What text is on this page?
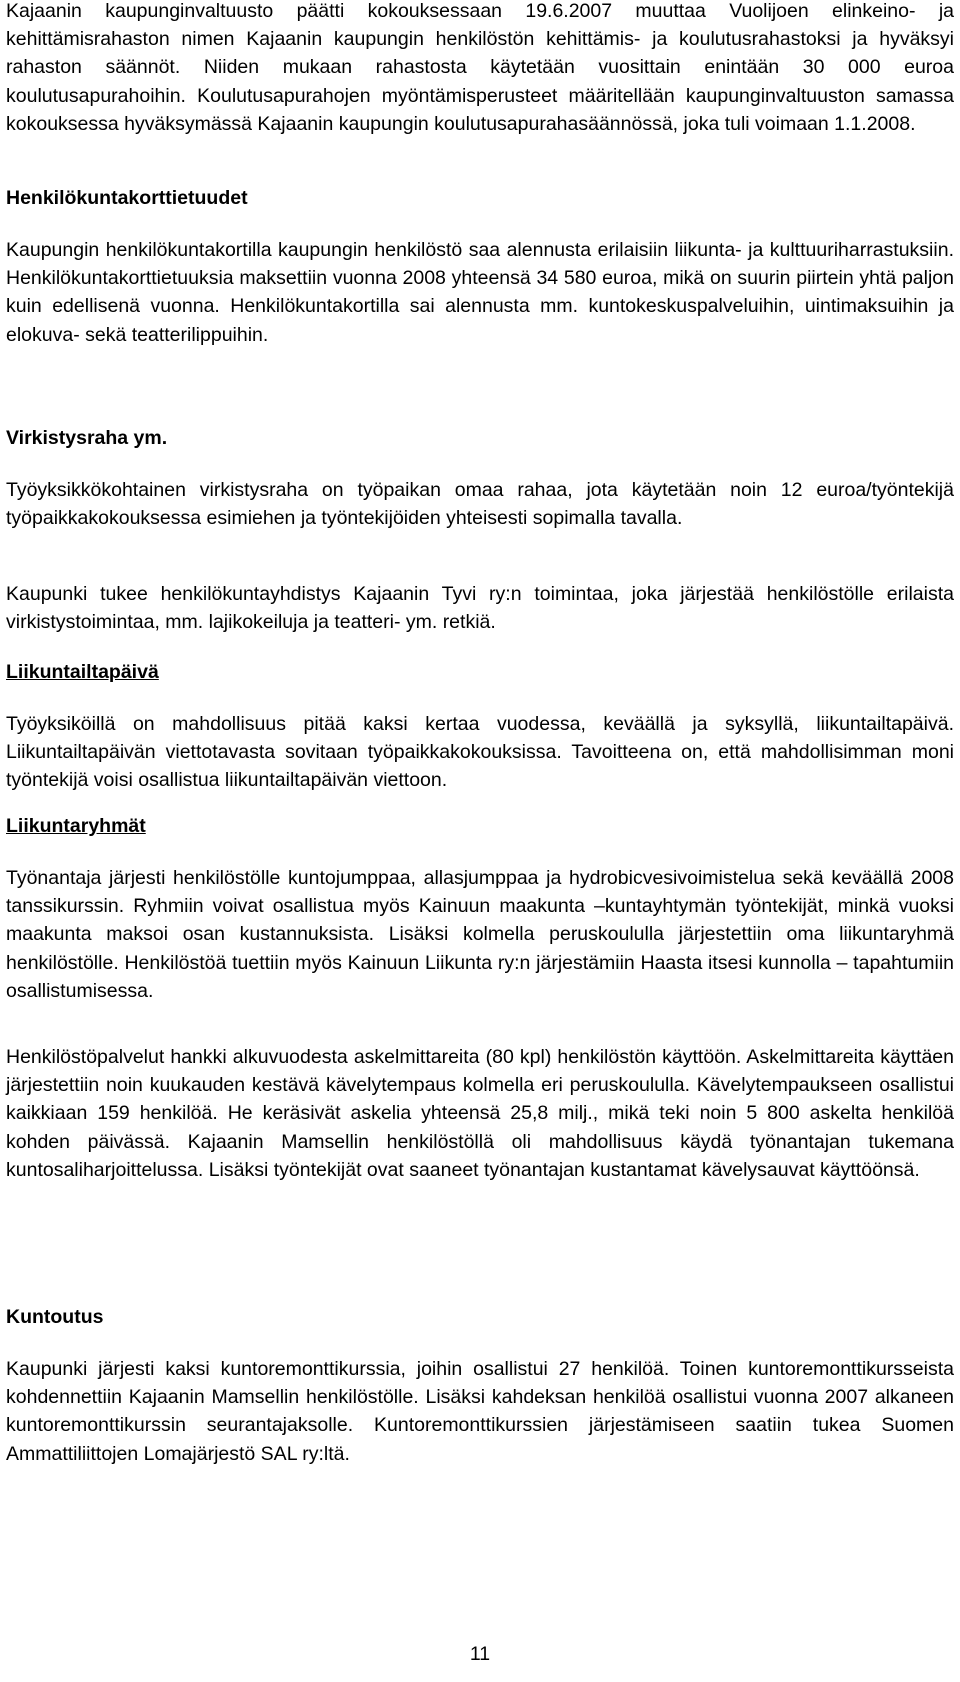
Kajaanin kaupunginvaltuusto päätti kokouksessaan 19.6.2007 muuttaa Vuolijoen elinkeino- ja kehittämisrahaston nimen Kajaanin kaupungin henkilöstön kehittämis- ja koulutusrahastoksi ja hyväksyi rahaston säännöt. Niiden mukaan rahastosta käytetään vuosittain enintään 30 000 euroa koulutusapurahoihin. Koulutusapurahojen myöntämisperusteet määritellään kaupunginvaltuuston samassa kokouksessa hyväksymässä Kajaanin kaupungin koulutusapurahasäännössä, joka tuli voimaan 1.1.2008.

Henkilökuntakorttietuudet

Kaupungin henkilökuntakortilla kaupungin henkilöstö saa alennusta erilaisiin liikunta- ja kulttuuriharrastuksiin. Henkilökuntakorttietuuksia maksettiin vuonna 2008 yhteensä 34 580 euroa, mikä on suurin piirtein yhtä paljon kuin edellisenä vuonna. Henkilökuntakortilla sai alennusta mm. kuntokeskuspalveluihin, uintimaksuihin ja elokuva- sekä teatterilippuihin.

Virkistysraha ym.

Työyksikkökohtainen virkistysraha on työpaikan omaa rahaa, jota käytetään noin 12 euroa/työntekijä työpaikkakokouksessa esimiehen ja työntekijöiden yhteisesti sopimalla tavalla.

Kaupunki tukee henkilökuntayhdistys Kajaanin Tyvi ry:n toimintaa, joka järjestää henkilöstölle erilaista virkistystoimintaa, mm. lajikokeiluja ja teatteri- ym. retkiä.

Liikuntailtapäivä

Työyksiköillä on mahdollisuus pitää kaksi kertaa vuodessa, keväällä ja syksyllä, liikuntailtapäivä. Liikuntailtapäivän viettotavasta sovitaan työpaikkakokouksissa. Tavoitteena on, että mahdollisimman moni työntekijä voisi osallistua liikuntailtapäivän viettoon.

Liikuntaryhmät

Työnantaja järjesti henkilöstölle kuntojumppaa, allasjumppaa ja hydrobicvesivoimistelua sekä keväällä 2008 tanssikurssin. Ryhmiin voivat osallistua myös Kainuun maakunta –kuntayhtymän työntekijät, minkä vuoksi maakunta maksoi osan kustannuksista. Lisäksi kolmella peruskoululla järjestettiin oma liikuntaryhmä henkilöstölle. Henkilöstöä tuettiin myös Kainuun Liikunta ry:n järjestämiin Haasta itsesi kunnolla – tapahtumiin osallistumisessa.

Henkilöstöpalvelut hankki alkuvuodesta askelmittareita (80 kpl) henkilöstön käyttöön. Askelmittareita käyttäen järjestettiin noin kuukauden kestävä kävelytempaus kolmella eri peruskoululla. Kävelytempaukseen osallistui kaikkiaan 159 henkilöä. He keräsivät askelia yhteensä 25,8 milj., mikä teki noin 5 800 askelta henkilöä kohden päivässä. Kajaanin Mamsellin henkilöstöllä oli mahdollisuus käydä työnantajan tukemana kuntosaliharjoittelussa. Lisäksi työntekijät ovat saaneet työnantajan kustantamat kävelysauvat käyttöönsä.

Kuntoutus

Kaupunki järjesti kaksi kuntoremonttikurssia, joihin osallistui 27 henkilöä. Toinen kuntoremonttikursseista kohdennettiin Kajaanin Mamsellin henkilöstölle. Lisäksi kahdeksan henkilöä osallistui vuonna 2007 alkaneen kuntoremonttikurssin seurantajaksolle. Kuntoremonttikurssien järjestämiseen saatiin tukea Suomen Ammattiliittojen Lomajärjestö SAL ry:ltä.

11
